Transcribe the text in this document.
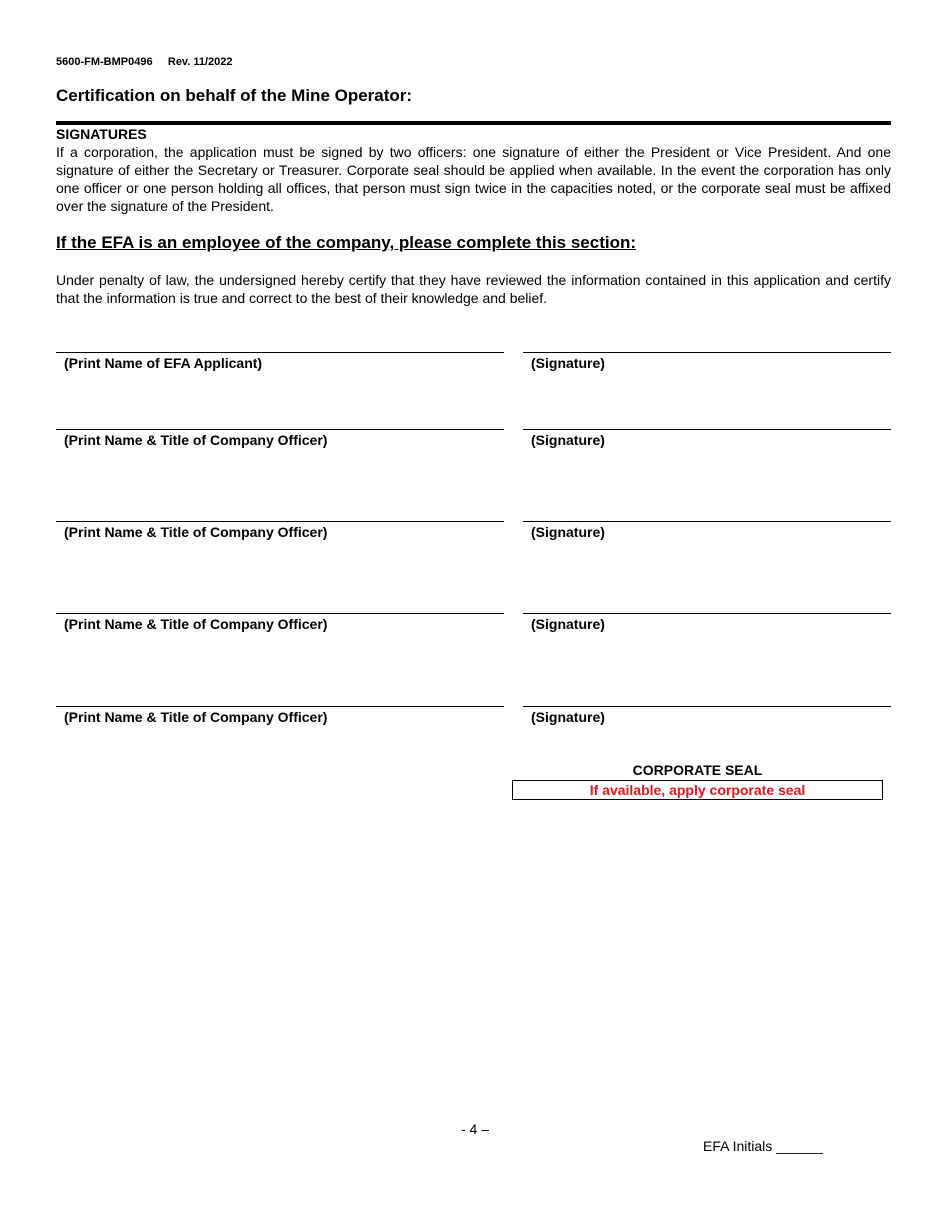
5600-FM-BMP0496     Rev. 11/2022
Certification on behalf of the Mine Operator:
SIGNATURES
If a corporation, the application must be signed by two officers: one signature of either the President or Vice President. And one signature of either the Secretary or Treasurer. Corporate seal should be applied when available. In the event the corporation has only one officer or one person holding all offices, that person must sign twice in the capacities noted, or the corporate seal must be affixed over the signature of the President.
If the EFA is an employee of the company, please complete this section:
Under penalty of law, the undersigned hereby certify that they have reviewed the information contained in this application and certify that the information is true and correct to the best of their knowledge and belief.
(Print Name of EFA Applicant)	(Signature)
(Print Name & Title of Company Officer)	(Signature)
(Print Name & Title of Company Officer)	(Signature)
(Print Name & Title of Company Officer)	(Signature)
(Print Name & Title of Company Officer)	(Signature)
CORPORATE SEAL
If available, apply corporate seal
- 4 –
EFA Initials ______
